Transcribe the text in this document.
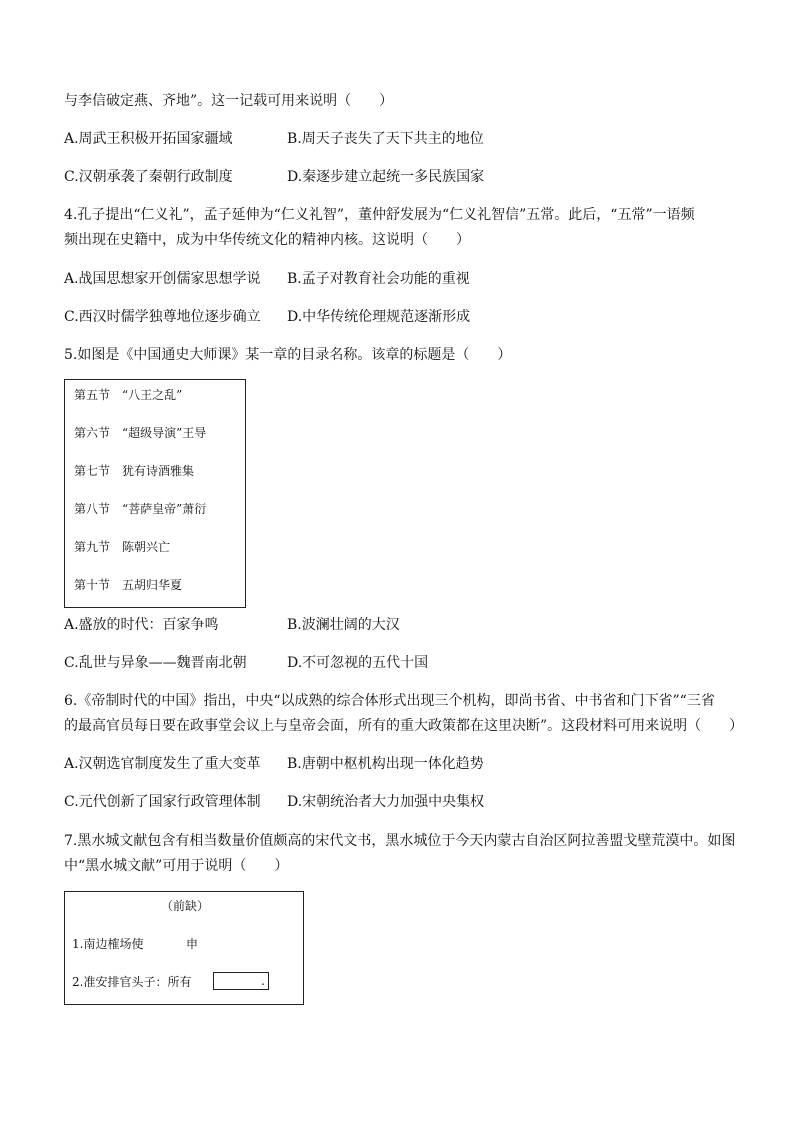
与李信破定燕、齐地”。这一记载可用来说明（　　）
A.周武王积极开拓国家疆域	B.周天子丧失了天下共主的地位
C.汉朝承袭了秦朝行政制度	D.秦逐步建立起统一多民族国家
4.孔子提出“仁义礼”，孟子延伸为“仁义礼智”，董仲舒发展为“仁义礼智信”五常。此后，“五常”一语频
频出现在史籍中，成为中华传统文化的精神内核。这说明（　　）
A.战国思想家开创儒家思想学说 B.孟子对教育社会功能的重视
C.西汉时儒学独尊地位逐步确立 D.中华传统伦理规范逐渐形成
5.如图是《中国通史大师课》某一章的目录名称。该章的标题是（　　）
第五节　“八王之乱”
第六节　“超级导演”王导
第七节　犹有诗酒雅集
第八节　“菩萨皇帝”萧衍
第九节　陈朝兴亡
第十节　五胡归华夏
A.盛放的时代：百家争鸣	B.波澜壮阔的大汉
C.乱世与异象——魏晋南北朝	D.不可忽视的五代十国
6.《帝制时代的中国》指出，中央“以成熟的综合体形式出现三个机构，即尚书省、中书省和门下省”“三省
的最高官员每日要在政事堂会议上与皇帝会面，所有的重大政策都在这里决断”。这段材料可用来说明（　　）
A.汉朝选官制度发生了重大变革 B.唐朝中枢机构出现一体化趋势
C.元代创新了国家行政管理体制 D.宋朝统治者大力加强中央集权
7.黑水城文献包含有相当数量价值颇高的宋代文书，黑水城位于今天内蒙古自治区阿拉善盟戈壁荒漠中。如图
中“黑水城文献”可用于说明（　　）
（前缺）
1.南边榷场使	申
2.准安排官头子：所有	.
